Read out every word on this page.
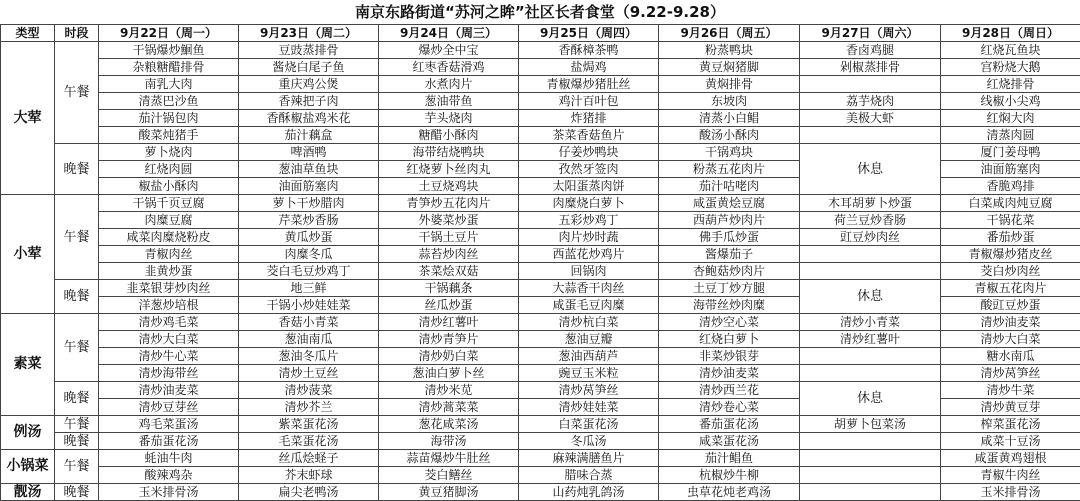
南京东路街道“苏河之眸”社区长者食堂（9.22-9.28）
类型	时段	9月22日（周一）	9月23日（周二）	9月24日（周三）	9月25日（周四）	9月26日（周五）	9月27日（周六）	9月28日（周日）
大荤	午餐	干锅爆炒鮰鱼	豆豉蒸排骨	爆炒全中宝	香酥樟茶鸭	粉蒸鸭块	香卤鸡腿	红烧瓦鱼块
		杂粮糖醋排骨	酱烧白尾子鱼	红枣香菇滑鸡	盐焗鸡	黄豆焖猪脚	剁椒蒸排骨	宫粉烧大鹅
		南乳大肉	重庆鸡公煲	水煮肉片	青椒爆炒猪肚丝	黄焖排骨		红烧排骨
		清蒸巴沙鱼	香辣把子肉	葱油带鱼	鸡汁百叶包	东坡肉	荔芋烧肉	线椒小尖鸡
		茄汁锅包肉	香酥椒盐鸡米花	芋头烧肉	炸猪排	清蒸小白鲳	美极大虾	红焖大肉
		酸菜炖猪手	茄汁藕盒	糖醋小酥肉	茶菜香菇鱼片	酸汤小酥肉		清蒸肉圆
	晚餐	萝卜烧肉	啤酒鸭	海带结烧鸭块	仔姜炒鸭块	干锅鸡块	休息	厦门姜母鸭
		红烧肉圆	葱油草鱼块	红烧萝卜丝肉丸	孜然牙签肉	粉蒸五花肉片		油面筋塞肉
		椒盐小酥肉	油面筋塞肉	土豆烧鸡块	太阳蛋蒸肉饼	茄汁咕咾肉		香脆鸡排
小荤	午餐	干锅千页豆腐	萝卜干炒腊肉	青笋炒五花肉片	肉糜烧白萝卜	咸蛋黄烩豆腐	木耳胡萝卜炒蛋	白菜咸肉炖豆腐
		肉糜豆腐	芹菜炒香肠	外婆菜炒蛋	五彩炒鸡丁	西葫芦炒肉片	荷兰豆炒香肠	干锅花菜
		咸菜肉糜烧粉皮	黄瓜炒蛋	干锅土豆片	肉片炒时蔬	佛手瓜炒蛋	豇豆炒肉丝	番茄炒蛋
		青椒肉丝	肉糜冬瓜	蒜苔炒肉丝	西蓝花炒鸡片	酱爆茄子		青椒爆炒猪皮丝
		韭黄炒蛋	茭白毛豆炒鸡丁	茶菜烩双菇	回锅肉	杏鲍菇炒肉片		茭白炒肉丝
	晚餐	韭菜银芽炒肉丝	地三鲜	干锅藕条	大蒜香干肉丝	土豆丁炒方腿	休息	青椒五花肉片
		洋葱炒培根	干锅小炒娃娃菜	丝瓜炒蛋	咸蛋毛豆肉糜	海带丝炒肉糜		酸豇豆炒蛋
素菜	午餐	清炒鸡毛菜	香菇小青菜	清炒红薯叶	清炒杭白菜	清炒空心菜	清炒小青菜	清炒油麦菜
		清炒大白菜	葱油南瓜	清炒青笋片	葱油豆瓣	红烧白萝卜	清炒红薯叶	清炒大白菜
		清炒牛心菜	葱油冬瓜片	清炒奶白菜	葱油西葫芦	非菜炒银芽		糖水南瓜
		清炒海带丝	清炒土豆丝	葱油白萝卜丝	豌豆玉米粒	清炒油麦菜		清炒莴笋丝
	晚餐	清炒油麦菜	清炒菠菜	清炒米苋	清炒莴笋丝	清炒西兰花	休息	清炒牛菜
		清炒豆芽丝	清炒芥兰	清炒蒿菜菜	清炒娃娃菜	清炒卷心菜		清炒黄豆芽
例汤	午餐	鸡毛菜蛋汤	紫菜蛋花汤	葱花咸菜汤	白菜蛋花汤	番茄蛋花汤	胡萝卜包菜汤	榨菜蛋花汤
	晚餐	番茄蛋花汤	毛菜蛋花汤	海带汤	冬瓜汤	咸菜蛋花汤		咸菜十豆汤
小锅菜	午餐	蚝油牛肉	丝瓜烩蛏子	蒜苗爆炒牛肚丝	麻辣满膳鱼片	茄汁鲳鱼		咸蛋黄鸡翅根
		酸辣鸡杂	芥末虾球	茭白鳝丝	腊味合蒸	杭椒炒牛柳		青椒牛肉丝
靓汤	晚餐	玉米排骨汤	扁尖老鸭汤	黄豆猪脚汤	山药炖乳鸽汤	虫草花炖老鸡汤		玉米排骨汤
